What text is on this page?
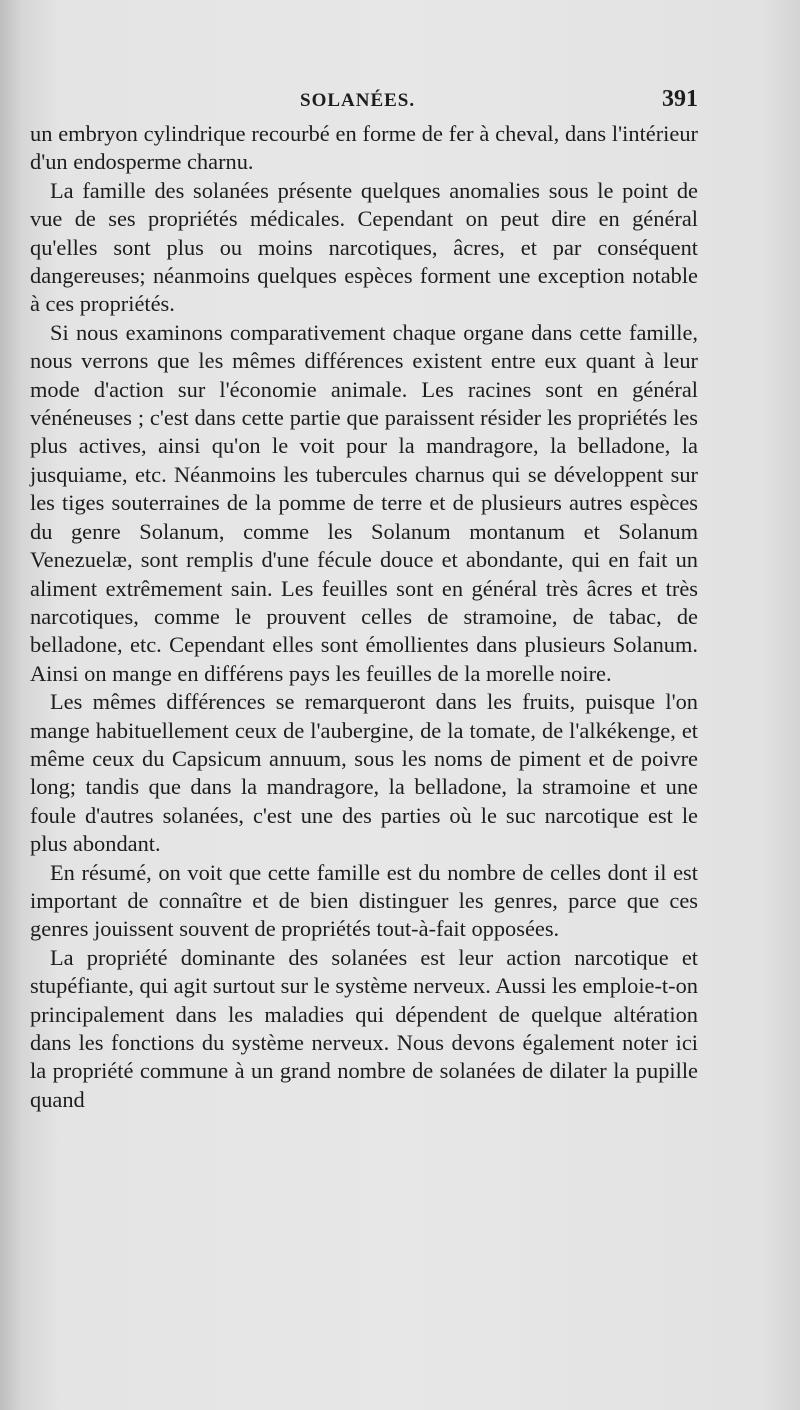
SOLANÉES.	391

un embryon cylindrique recourbé en forme de fer à cheval, dans l'intérieur d'un endosperme charnu.

La famille des solanées présente quelques anomalies sous le point de vue de ses propriétés médicales. Cependant on peut dire en général qu'elles sont plus ou moins narcotiques, âcres, et par conséquent dangereuses; néanmoins quelques espèces forment une exception notable à ces propriétés.

Si nous examinons comparativement chaque organe dans cette famille, nous verrons que les mêmes différences existent entre eux quant à leur mode d'action sur l'économie animale. Les racines sont en général vénéneuses ; c'est dans cette partie que paraissent résider les propriétés les plus actives, ainsi qu'on le voit pour la mandragore, la belladone, la jusquiame, etc. Néanmoins les tubercules charnus qui se développent sur les tiges souterraines de la pomme de terre et de plusieurs autres espèces du genre Solanum, comme les Solanum montanum et Solanum Venezuelæ, sont remplis d'une fécule douce et abondante, qui en fait un aliment extrêmement sain. Les feuilles sont en général très âcres et très narcotiques, comme le prouvent celles de stramoine, de tabac, de belladone, etc. Cependant elles sont émollientes dans plusieurs Solanum. Ainsi on mange en différens pays les feuilles de la morelle noire.

Les mêmes différences se remarqueront dans les fruits, puisque l'on mange habituellement ceux de l'aubergine, de la tomate, de l'alkékenge, et même ceux du Capsicum annuum, sous les noms de piment et de poivre long; tandis que dans la mandragore, la belladone, la stramoine et une foule d'autres solanées, c'est une des parties où le suc narcotique est le plus abondant.

En résumé, on voit que cette famille est du nombre de celles dont il est important de connaître et de bien distinguer les genres, parce que ces genres jouissent souvent de propriétés tout-à-fait opposées.

La propriété dominante des solanées est leur action narcotique et stupéfiante, qui agit surtout sur le système nerveux. Aussi les emploie-t-on principalement dans les maladies qui dépendent de quelque altération dans les fonctions du système nerveux. Nous devons également noter ici la propriété commune à un grand nombre de solanées de dilater la pupille quand
